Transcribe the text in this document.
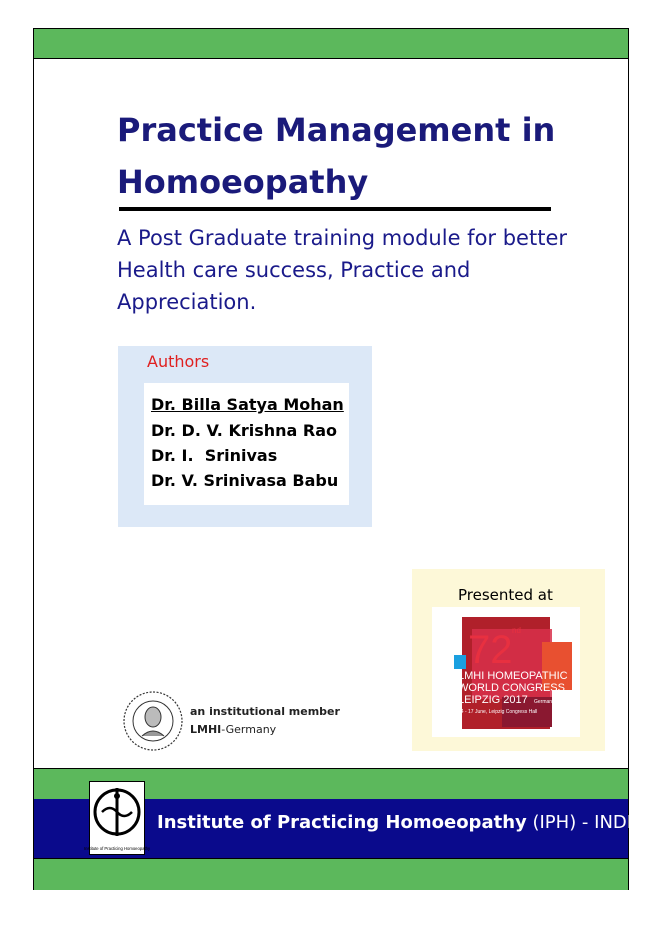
Practice Management in Homoeopathy

A Post Graduate training module for better Health care success, Practice and Appreciation.

Authors
Dr. Billa Satya Mohan
Dr. D. V. Krishna Rao
Dr. I.  Srinivas
Dr. V. Srinivasa Babu
Presented at
72 nd
LMHI HOMEOPATHIC
WORLD CONGRESS
LEIPZIG 2017 Germany
14 - 17 June, Leipzig Congress Hall
an institutional member
LMHI-Germany
Institute of Practicing Homoeopathy
Institute of Practicing Homoeopathy (IPH) - INDIA
